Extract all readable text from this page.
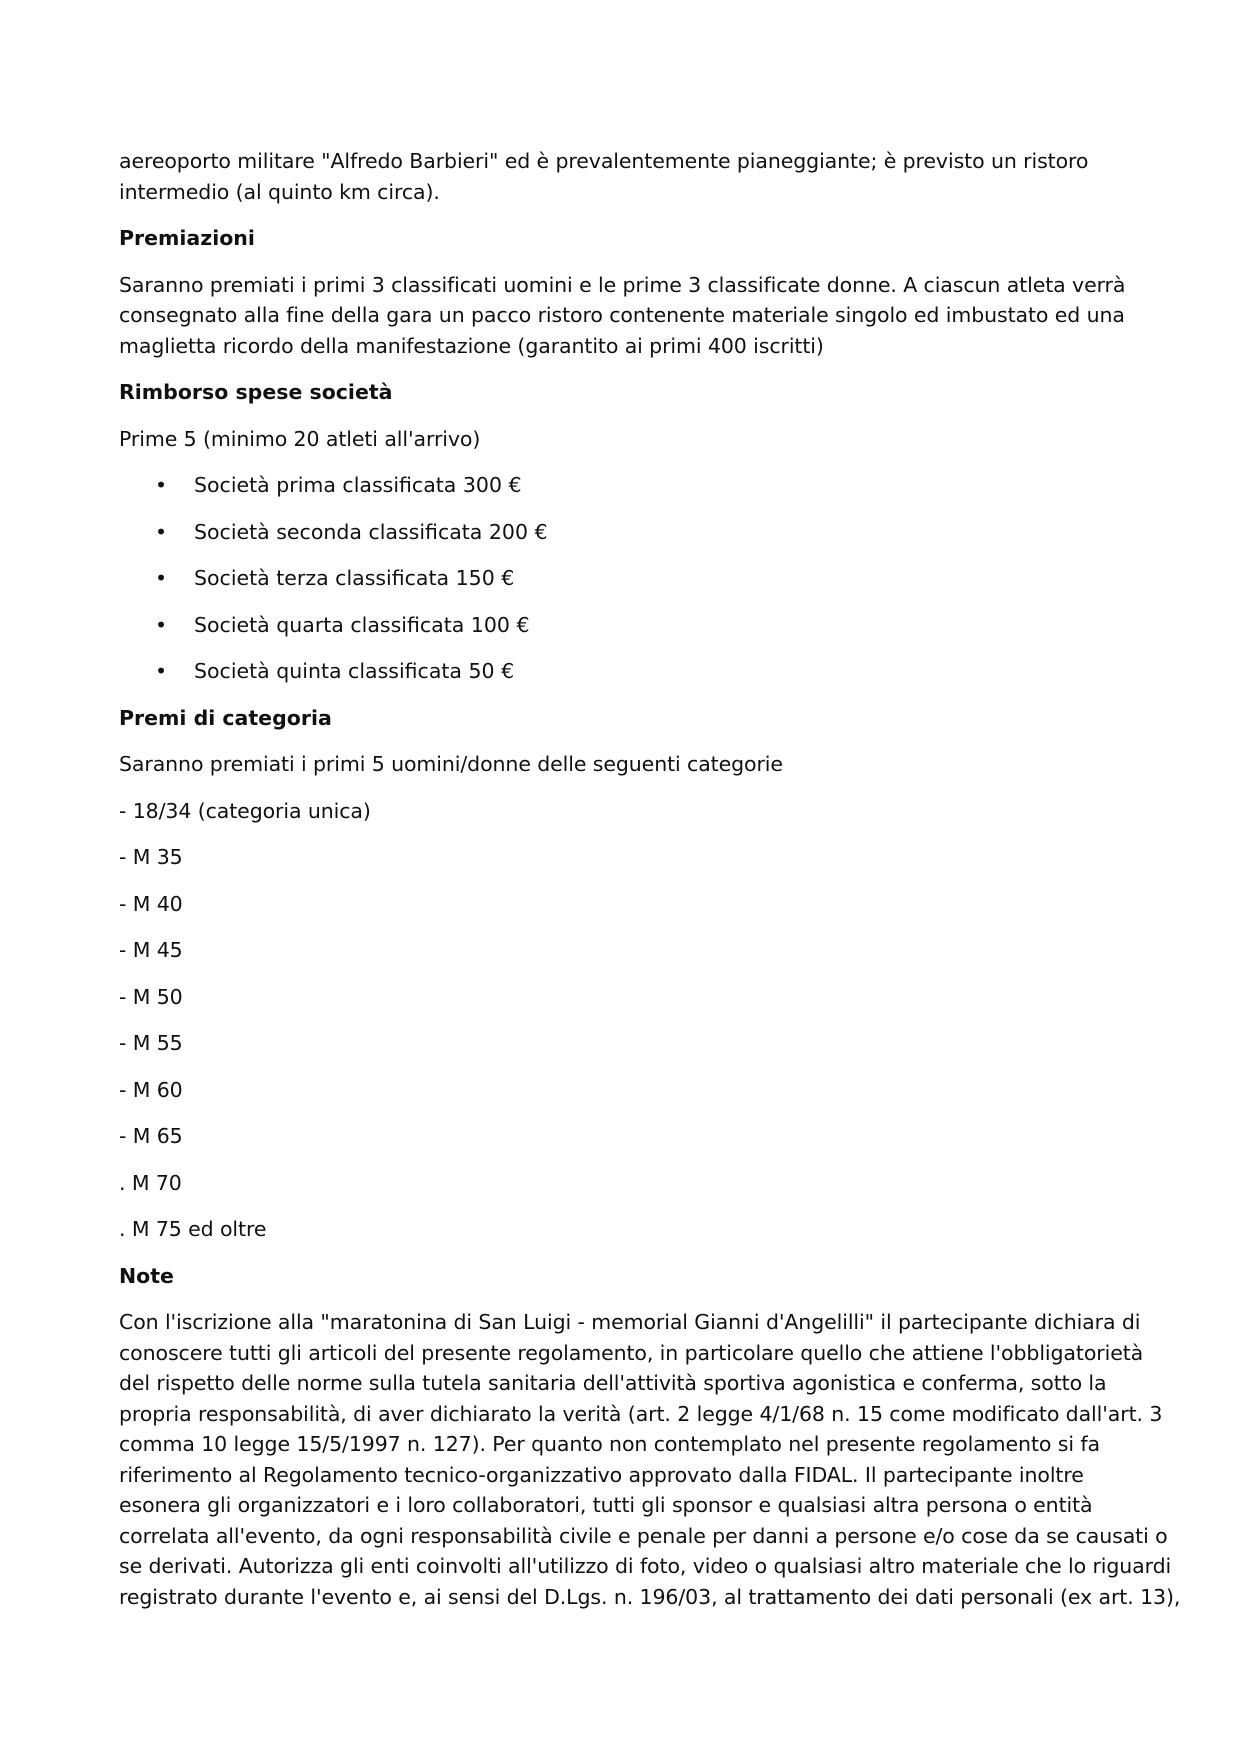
aereoporto militare "Alfredo Barbieri" ed è prevalentemente pianeggiante; è previsto un ristoro
intermedio (al quinto km circa).
Premiazioni
Saranno premiati i primi 3 classificati uomini e le prime 3 classificate donne. A ciascun atleta verrà
consegnato alla fine della gara un pacco ristoro contenente materiale singolo ed imbustato ed una
maglietta ricordo della manifestazione (garantito ai primi 400 iscritti)
Rimborso spese società
Prime 5 (minimo 20 atleti all'arrivo)
• Società prima classificata 300 €
• Società seconda classificata 200 €
• Società terza classificata 150 €
• Società quarta classificata 100 €
• Società quinta classificata 50 €
Premi di categoria
Saranno premiati i primi 5 uomini/donne delle seguenti categorie
- 18/34 (categoria unica)
- M 35
- M 40
- M 45
- M 50
- M 55
- M 60
- M 65
. M 70
. M 75 ed oltre
Note
Con l'iscrizione alla "maratonina di San Luigi - memorial Gianni d'Angelilli" il partecipante dichiara di
conoscere tutti gli articoli del presente regolamento, in particolare quello che attiene l'obbligatorietà
del rispetto delle norme sulla tutela sanitaria dell'attività sportiva agonistica e conferma, sotto la
propria responsabilità, di aver dichiarato la verità (art. 2 legge 4/1/68 n. 15 come modificato dall'art. 3
comma 10 legge 15/5/1997 n. 127). Per quanto non contemplato nel presente regolamento si fa
riferimento al Regolamento tecnico-organizzativo approvato dalla FIDAL. Il partecipante inoltre
esonera gli organizzatori e i loro collaboratori, tutti gli sponsor e qualsiasi altra persona o entità
correlata all'evento, da ogni responsabilità civile e penale per danni a persone e/o cose da se causati o
se derivati. Autorizza gli enti coinvolti all'utilizzo di foto, video o qualsiasi altro materiale che lo riguardi
registrato durante l'evento e, ai sensi del D.Lgs. n. 196/03, al trattamento dei dati personali (ex art. 13),
